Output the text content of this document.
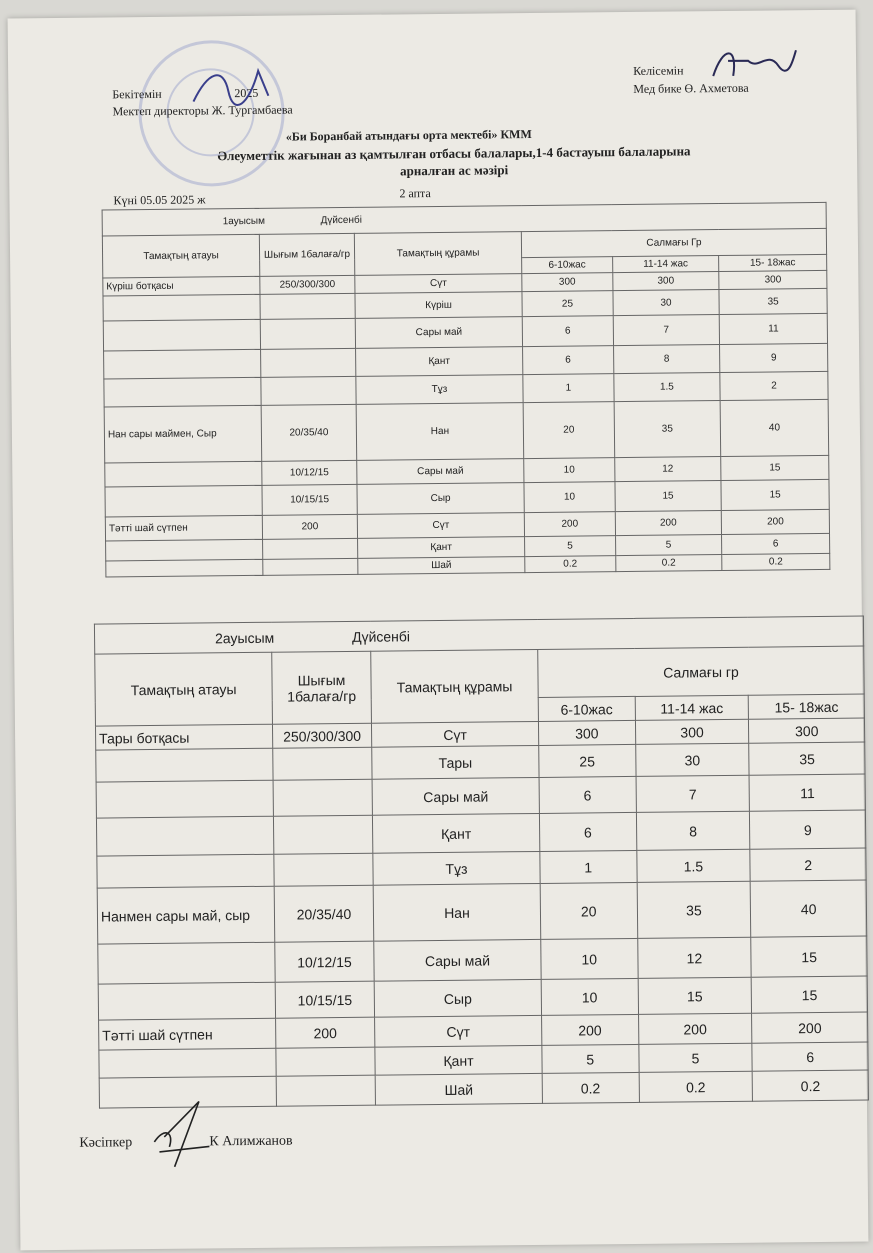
Бекітемін	2025
Мектеп директоры Ж. Тургамбаева
Келісемін
Мед бике Ө. Ахметова
«Би Боранбай атындағы орта мектебі» КММ
Әлеуметтік жағынан аз қамтылған отбасы балалары,1-4 бастауыш балаларына
арналған ас мәзірі
Күні 05.05 2025 ж	2 апта
1ауысым Дүйсенбі					
Тамақтың атауы	Шығым 1балаға/гр	Тамақтың құрамы	Салмағы Гр		
			6-10жас	11-14 жас	15- 18жас
Күріш ботқасы	250/300/300	Сүт	300	300	300
		Күріш	25	30	35
		Сары май	6	7	11
		Қант	6	8	9
		Тұз	1	1.5	2
Нан сары маймен, Сыр	20/35/40	Нан	20	35	40
	10/12/15	Сары май	10	12	15
	10/15/15	Сыр	10	15	15
Тәтті шай сүтпен	200	Сүт	200	200	200
		Қант	5	5	6
		Шай	0.2	0.2	0.2
2ауысым Дүйсенбі					
Тамақтың атауы	Шығым 1балаға/гр	Тамақтың құрамы	Салмағы гр		
			6-10жас	11-14 жас	15- 18жас
Тары ботқасы	250/300/300	Сүт	300	300	300
		Тары	25	30	35
		Сары май	6	7	11
		Қант	6	8	9
		Тұз	1	1.5	2
Нанмен сары май, сыр	20/35/40	Нан	20	35	40
	10/12/15	Сары май	10	12	15
	10/15/15	Сыр	10	15	15
Тәтті шай сүтпен	200	Сүт	200	200	200
		Қант	5	5	6
		Шай	0.2	0.2	0.2
Кәсіпкер	К Алимжанов
